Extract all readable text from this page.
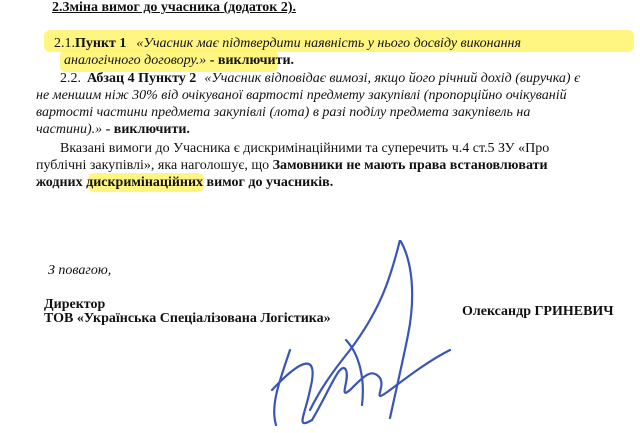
2.3міна вимог до учасника (додаток 2).
2.1.Пункт 1 «Учасник має підтвердити наявність у нього досвіду виконання
аналогічного договору.» - виключити.
2.2. Абзац 4 Пункту 2 «Учасник відповідає вимозі, якщо його річний дохід (виручка) є
не меншим ніж 30% від очікуваної вартості предмету закупівлі (пропорційно очікуваній
вартості частини предмета закупівлі (лота) в разі поділу предмета закупівель на
частини).» - виключити.
Вказані вимоги до Учасника є дискримінаційними та суперечить ч.4 ст.5 ЗУ «Про
публічні закупівлі», яка наголошує, що Замовники не мають права встановлювати
жодних дискримінаційних вимог до учасників.
З повагою,
Директор
ТОВ «Українська Спеціалізована Логістика»	Олександр ГРИНЕВИЧ
